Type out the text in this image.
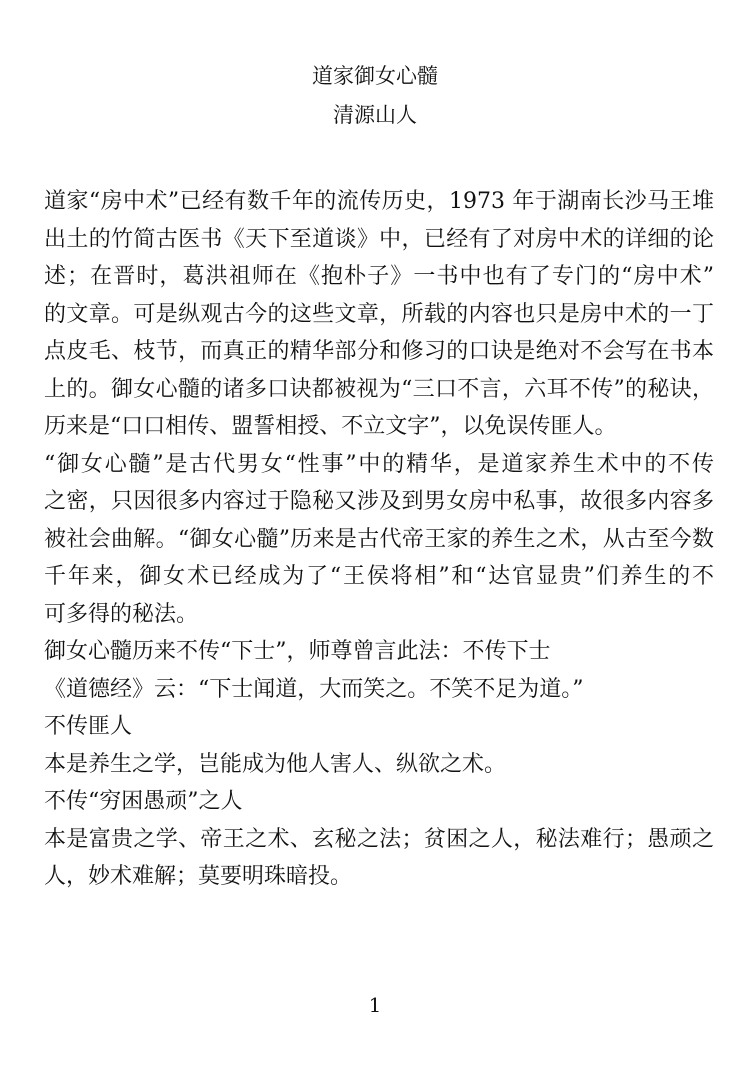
道家御女心髓
清源山人
道家“房中术”已经有数千年的流传历史，1973 年于湖南长沙马王堆
出土的竹简古医书《天下至道谈》中，已经有了对房中术的详细的论
述；在晋时，葛洪祖师在《抱朴子》一书中也有了专门的“房中术”
的文章。可是纵观古今的这些文章，所载的内容也只是房中术的一丁
点皮毛、枝节，而真正的精华部分和修习的口诀是绝对不会写在书本
上的。御女心髓的诸多口诀都被视为“三口不言，六耳不传”的秘诀，
历来是“口口相传、盟誓相授、不立文字”，以免误传匪人。
“御女心髓”是古代男女“性事”中的精华，是道家养生术中的不传
之密，只因很多内容过于隐秘又涉及到男女房中私事，故很多内容多
被社会曲解。“御女心髓”历来是古代帝王家的养生之术，从古至今数
千年来，御女术已经成为了“王侯将相”和“达官显贵”们养生的不
可多得的秘法。
御女心髓历来不传“下士”，师尊曾言此法：不传下士
《道德经》云：“下士闻道，大而笑之。不笑不足为道。”
不传匪人
本是养生之学，岂能成为他人害人、纵欲之术。
不传“穷困愚顽”之人
本是富贵之学、帝王之术、玄秘之法；贫困之人，秘法难行；愚顽之
人，妙术难解；莫要明珠暗投。
1
